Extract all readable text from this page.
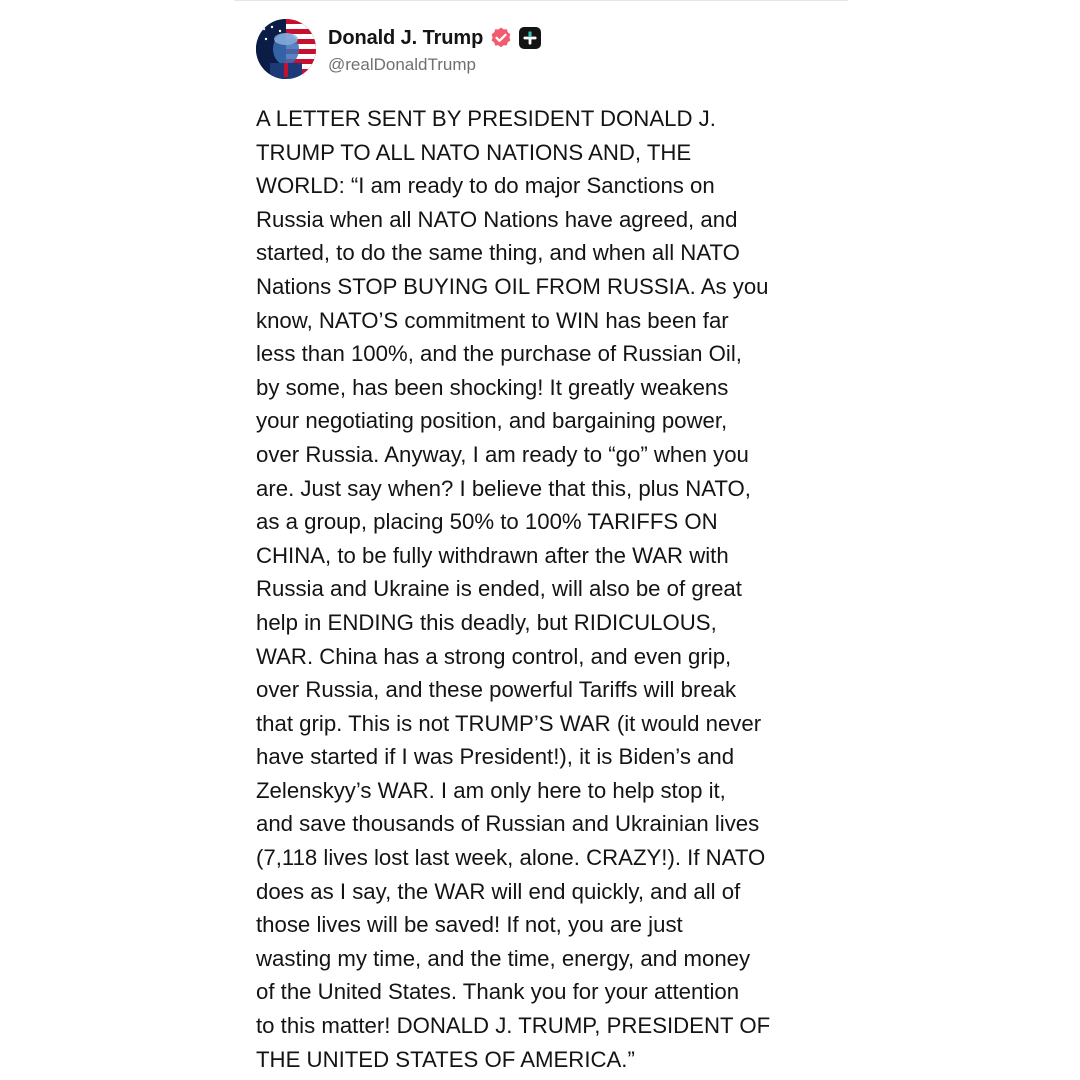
Donald J. Trump
@realDonaldTrump
A LETTER SENT BY PRESIDENT DONALD J.
TRUMP TO ALL NATO NATIONS AND, THE
WORLD: “I am ready to do major Sanctions on
Russia when all NATO Nations have agreed, and
started, to do the same thing, and when all NATO
Nations STOP BUYING OIL FROM RUSSIA. As you
know, NATO’S commitment to WIN has been far
less than 100%, and the purchase of Russian Oil,
by some, has been shocking! It greatly weakens
your negotiating position, and bargaining power,
over Russia. Anyway, I am ready to “go” when you
are. Just say when? I believe that this, plus NATO,
as a group, placing 50% to 100% TARIFFS ON
CHINA, to be fully withdrawn after the WAR with
Russia and Ukraine is ended, will also be of great
help in ENDING this deadly, but RIDICULOUS,
WAR. China has a strong control, and even grip,
over Russia, and these powerful Tariffs will break
that grip. This is not TRUMP’S WAR (it would never
have started if I was President!), it is Biden’s and
Zelenskyy’s WAR. I am only here to help stop it,
and save thousands of Russian and Ukrainian lives
(7,118 lives lost last week, alone. CRAZY!). If NATO
does as I say, the WAR will end quickly, and all of
those lives will be saved! If not, you are just
wasting my time, and the time, energy, and money
of the United States. Thank you for your attention
to this matter! DONALD J. TRUMP, PRESIDENT OF
THE UNITED STATES OF AMERICA.”
